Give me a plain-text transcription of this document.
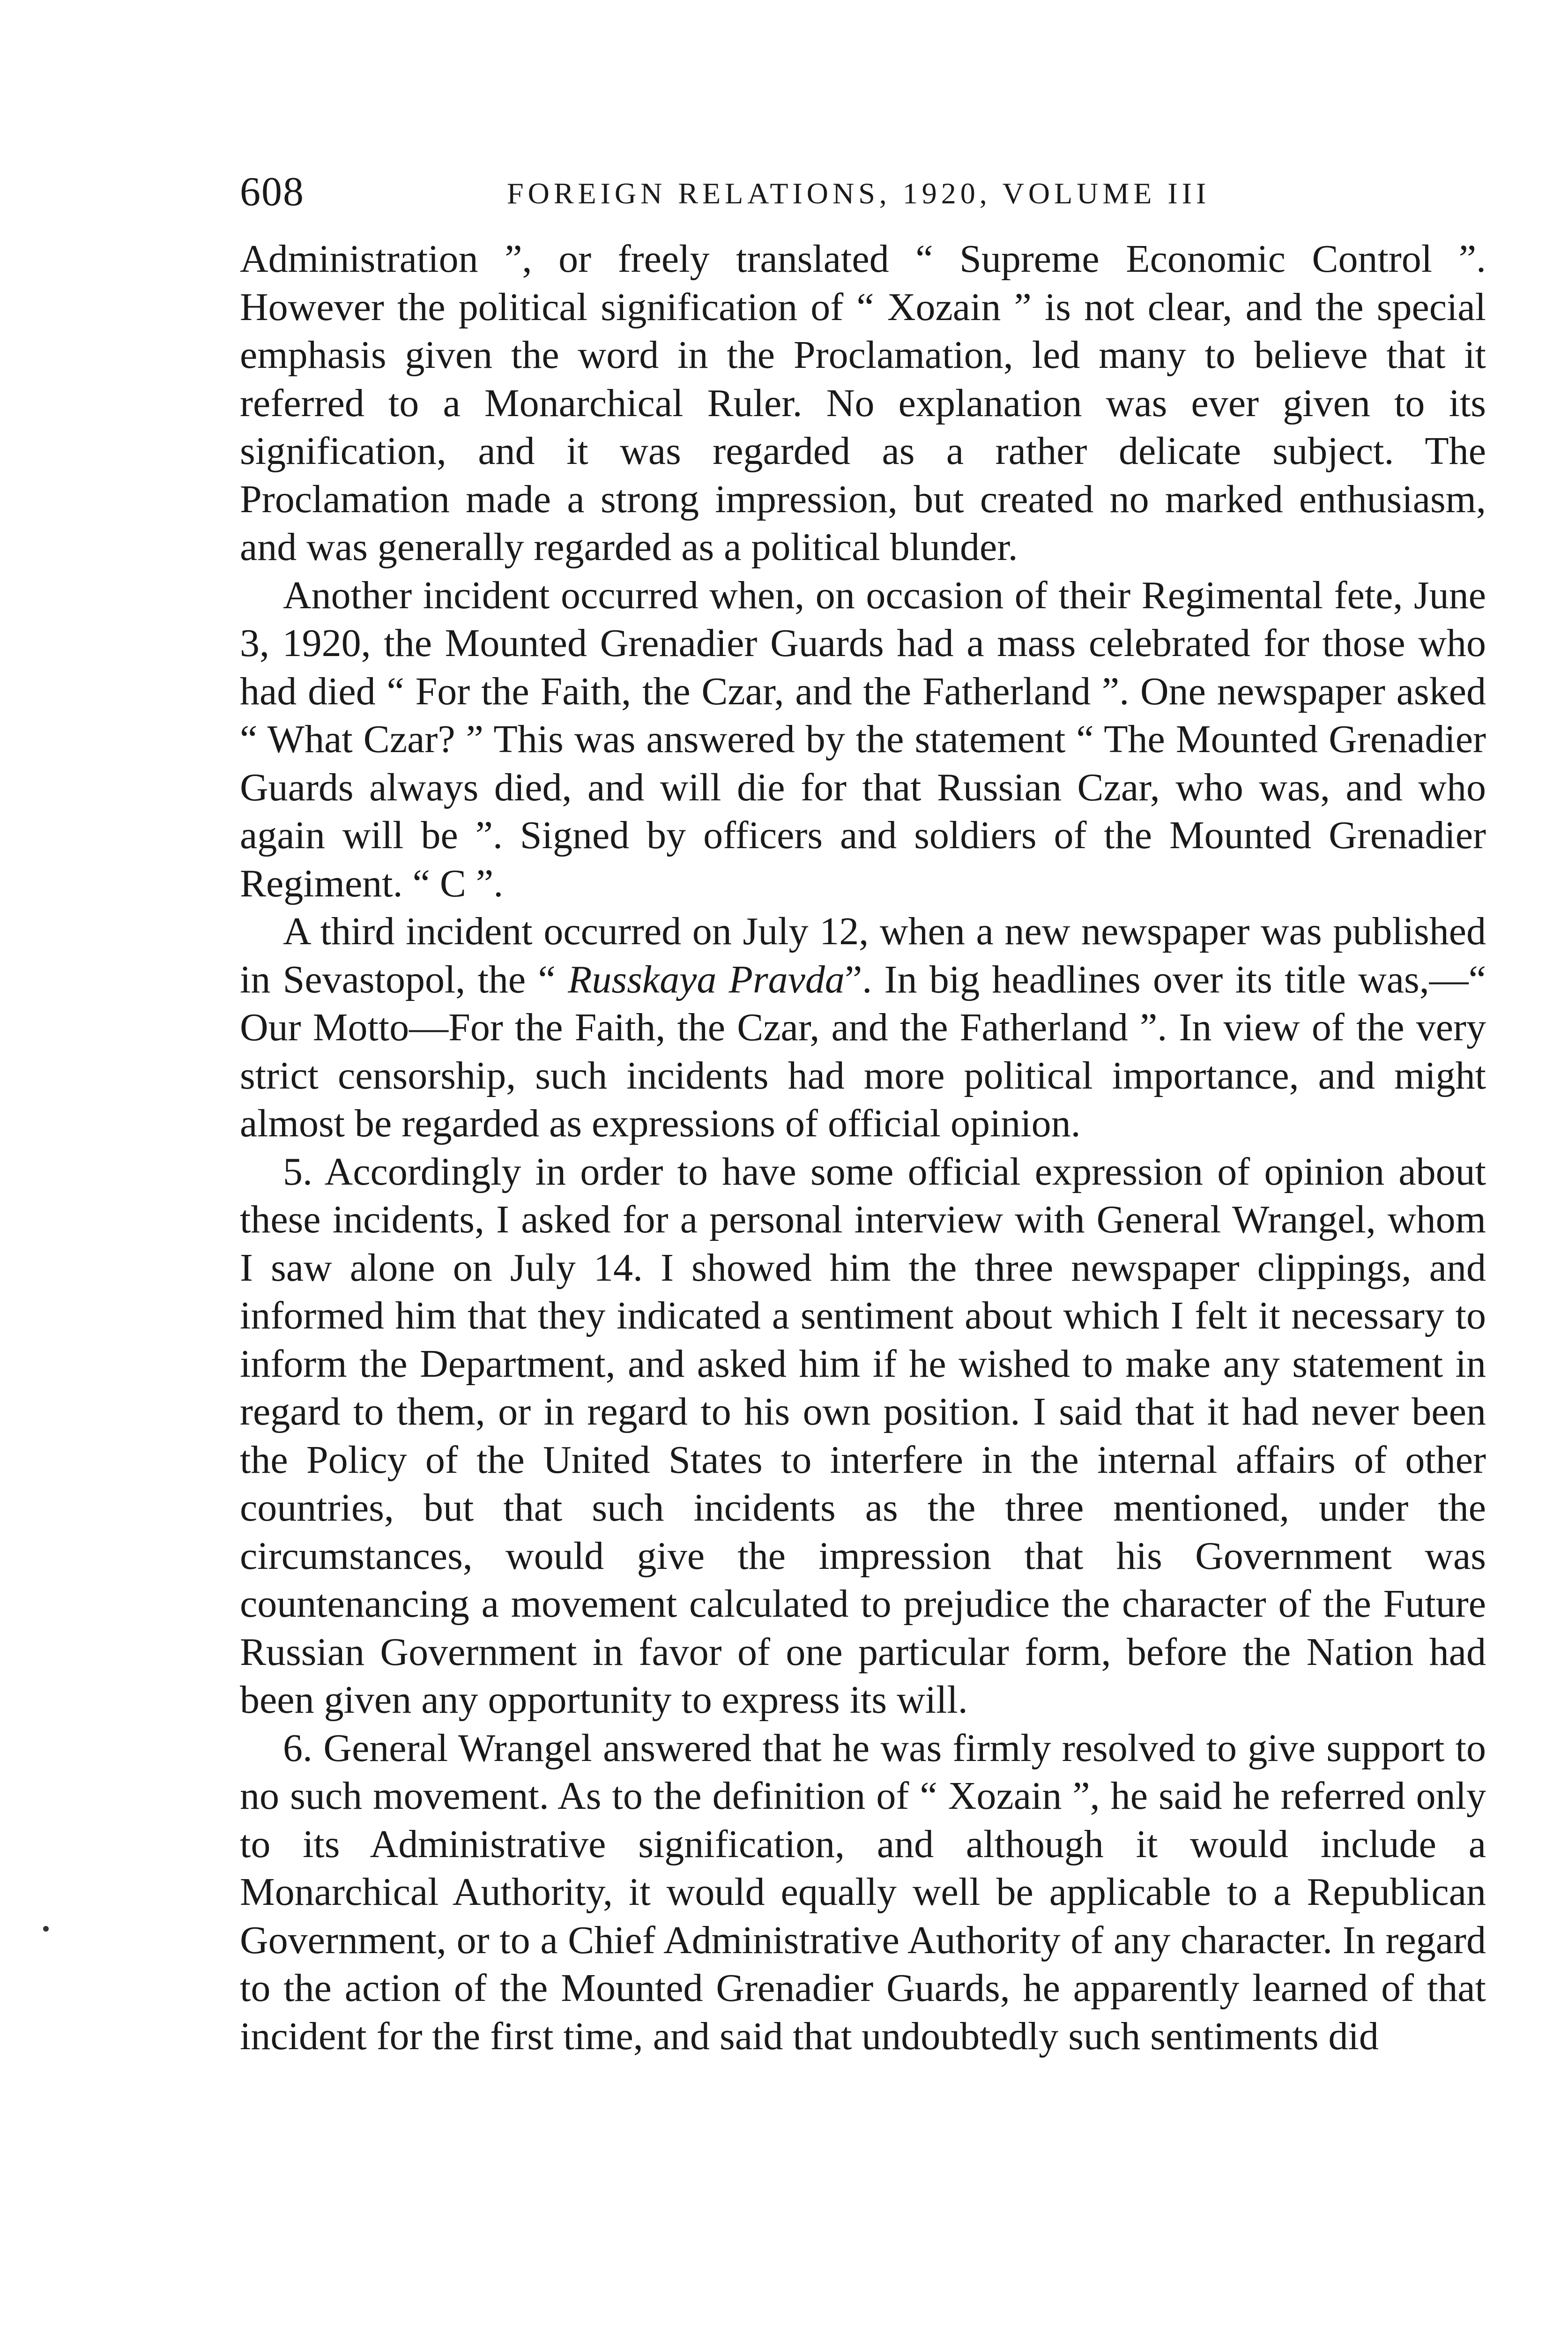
608	FOREIGN RELATIONS, 1920, VOLUME III

Administration ”, or freely translated “ Supreme Economic Control ”. However the political signification of “ Xozain ” is not clear, and the special emphasis given the word in the Proclamation, led many to believe that it referred to a Monarchical Ruler. No explanation was ever given to its signification, and it was regarded as a rather delicate subject. The Proclamation made a strong impression, but created no marked enthusiasm, and was generally regarded as a political blunder.

Another incident occurred when, on occasion of their Regimental fete, June 3, 1920, the Mounted Grenadier Guards had a mass celebrated for those who had died “ For the Faith, the Czar, and the Fatherland ”. One newspaper asked “ What Czar? ” This was answered by the statement “ The Mounted Grenadier Guards always died, and will die for that Russian Czar, who was, and who again will be ”. Signed by officers and soldiers of the Mounted Grenadier Regiment. “ C ”.

A third incident occurred on July 12, when a new newspaper was published in Sevastopol, the “ Russkaya Pravda”. In big headlines over its title was,—“ Our Motto—For the Faith, the Czar, and the Fatherland ”. In view of the very strict censorship, such incidents had more political importance, and might almost be regarded as expressions of official opinion.

5. Accordingly in order to have some official expression of opinion about these incidents, I asked for a personal interview with General Wrangel, whom I saw alone on July 14. I showed him the three newspaper clippings, and informed him that they indicated a sentiment about which I felt it necessary to inform the Department, and asked him if he wished to make any statement in regard to them, or in regard to his own position. I said that it had never been the Policy of the United States to interfere in the internal affairs of other countries, but that such incidents as the three mentioned, under the circumstances, would give the impression that his Government was countenancing a movement calculated to prejudice the character of the Future Russian Government in favor of one particular form, before the Nation had been given any opportunity to express its will.

6. General Wrangel answered that he was firmly resolved to give support to no such movement. As to the definition of “ Xozain ”, he said he referred only to its Administrative signification, and although it would include a Monarchical Authority, it would equally well be applicable to a Republican Government, or to a Chief Administrative Authority of any character. In regard to the action of the Mounted Grenadier Guards, he apparently learned of that incident for the first time, and said that undoubtedly such sentiments did
